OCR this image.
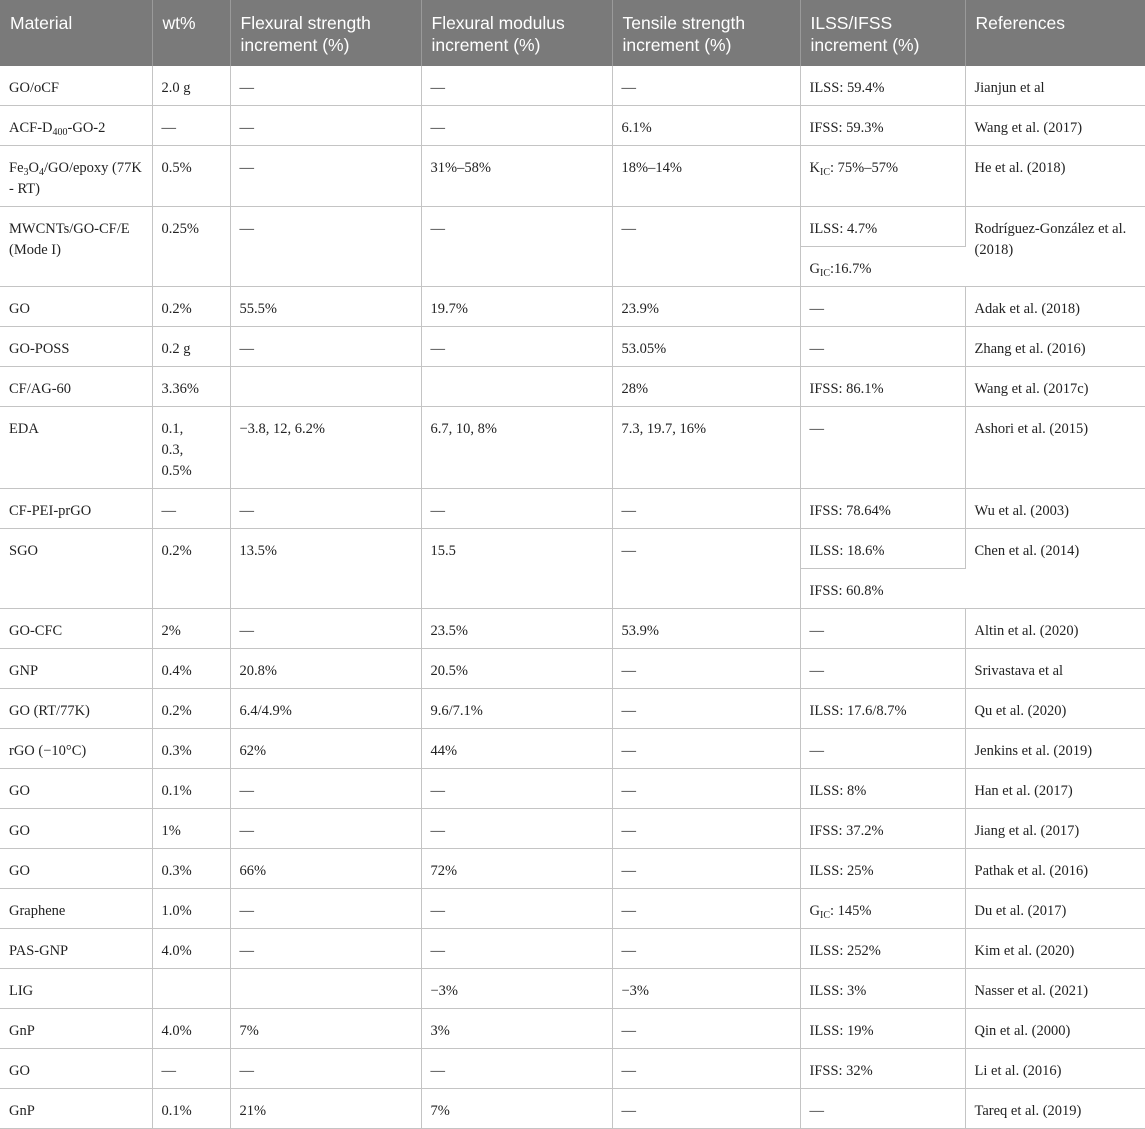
Material	wt%	Flexural strength increment (%)	Flexural modulus increment (%)	Tensile strength increment (%)	ILSS/IFSS increment (%)	References
GO/oCF	2.0 g	—	—	—	ILSS: 59.4%	Jianjun et al
ACF-$D_{400}-GO-2$	—	—	—	6.1%	IFSS: 59.3%	Wang et al. (2017)
$Fe_3O_4/GO$/epoxy (77K - RT)	0.5%	—	31%–58%	18%–14%	$K_{IC}$: 75%–57%	He et al. (2018)
MWCNTs/GO-CF/E (Mode I)	0.25%	—	—	—	ILSS: 4.7%	Rodríguez-González et al. (2018)
					$G_{IC}:16.7\%$	
GO	0.2%	55.5%	19.7%	23.9%	—	Adak et al. (2018)
GO-POSS	0.2 g	—	—	53.05%	—	Zhang et al. (2016)
CF/AG-60	3.36%			28%	IFSS: 86.1%	Wang et al. (2017c)
EDA	0.1,
0.3,
0.5%	−3.8, 12, 6.2%	6.7, 10, 8%	7.3, 19.7, 16%	—	Ashori et al. (2015)
CF-PEI-prGO	—	—	—	—	IFSS: 78.64%	Wu et al. (2003)
SGO	0.2%	13.5%	15.5	—	ILSS: 18.6%	Chen et al. (2014)
					IFSS: 60.8%	
GO-CFC	2%	—	23.5%	53.9%	—	Altin et al. (2020)
GNP	0.4%	20.8%	20.5%	—	—	Srivastava et al
GO (RT/77K)	0.2%	6.4/4.9%	9.6/7.1%	—	ILSS: 17.6/8.7%	Qu et al. (2020)
rGO (−10°C)	0.3%	62%	44%	—	—	Jenkins et al. (2019)
GO	0.1%	—	—	—	ILSS: 8%	Han et al. (2017)
GO	1%	—	—	—	IFSS: 37.2%	Jiang et al. (2017)
GO	0.3%	66%	72%	—	ILSS: 25%	Pathak et al. (2016)
Graphene	1.0%	—	—	—	$G_{IC}$: 145%	Du et al. (2017)
PAS-GNP	4.0%	—	—	—	ILSS: 252%	Kim et al. (2020)
LIG			−3%	−3%	ILSS: 3%	Nasser et al. (2021)
GnP	4.0%	7%	3%	—	ILSS: 19%	Qin et al. (2000)
GO	—	—	—	—	IFSS: 32%	Li et al. (2016)
GnP	0.1%	21%	7%	—	—	Tareq et al. (2019)
